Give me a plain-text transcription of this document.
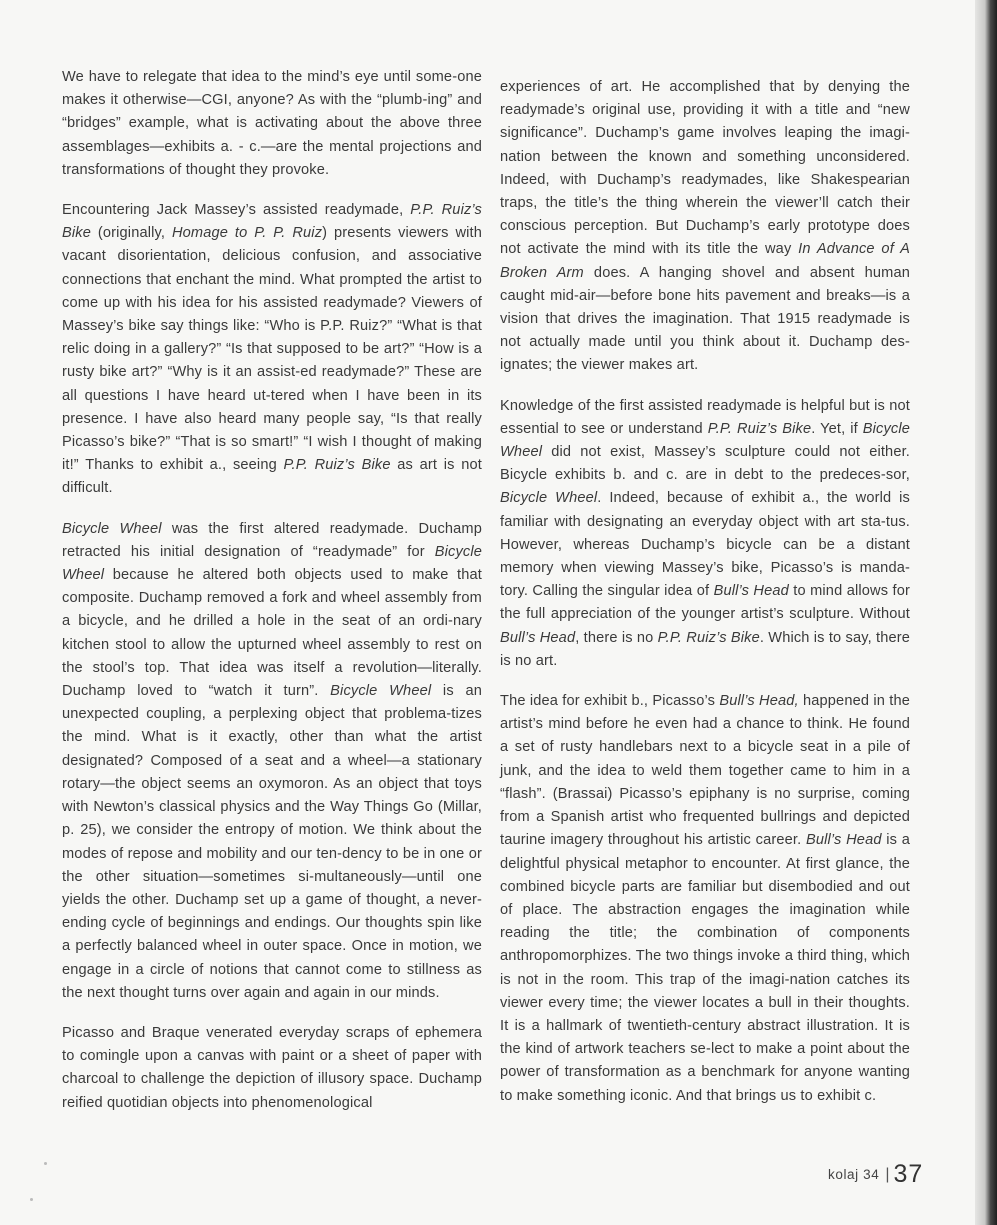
We have to relegate that idea to the mind’s eye until some-one makes it otherwise—CGI, anyone? As with the “plumb-ing” and “bridges” example, what is activating about the above three assemblages—exhibits a. - c.—are the mental projections and transformations of thought they provoke.

Encountering Jack Massey’s assisted readymade, P.P. Ruiz’s Bike (originally, Homage to P. P. Ruiz) presents viewers with vacant disorientation, delicious confusion, and associative connections that enchant the mind. What prompted the artist to come up with his idea for his assisted readymade? Viewers of Massey’s bike say things like: “Who is P.P. Ruiz?” “What is that relic doing in a gallery?” “Is that supposed to be art?” “How is a rusty bike art?” “Why is it an assist-ed readymade?” These are all questions I have heard ut-tered when I have been in its presence. I have also heard many people say, “Is that really Picasso’s bike?” “That is so smart!” “I wish I thought of making it!” Thanks to exhibit a., seeing P.P. Ruiz’s Bike as art is not difficult.

Bicycle Wheel was the first altered readymade. Duchamp retracted his initial designation of “readymade” for Bicycle Wheel because he altered both objects used to make that composite. Duchamp removed a fork and wheel assembly from a bicycle, and he drilled a hole in the seat of an ordi-nary kitchen stool to allow the upturned wheel assembly to rest on the stool’s top. That idea was itself a revolution—literally. Duchamp loved to “watch it turn”. Bicycle Wheel is an unexpected coupling, a perplexing object that problema-tizes the mind. What is it exactly, other than what the artist designated? Composed of a seat and a wheel—a stationary rotary—the object seems an oxymoron. As an object that toys with Newton’s classical physics and the Way Things Go (Millar, p. 25), we consider the entropy of motion. We think about the modes of repose and mobility and our ten-dency to be in one or the other situation—sometimes si-multaneously—until one yields the other. Duchamp set up a game of thought, a never-ending cycle of beginnings and endings. Our thoughts spin like a perfectly balanced wheel in outer space. Once in motion, we engage in a circle of notions that cannot come to stillness as the next thought turns over again and again in our minds.

Picasso and Braque venerated everyday scraps of ephemera to comingle upon a canvas with paint or a sheet of paper with charcoal to challenge the depiction of illusory space. Duchamp reified quotidian objects into phenomenological

experiences of art. He accomplished that by denying the readymade’s original use, providing it with a title and “new significance”. Duchamp’s game involves leaping the imagi-nation between the known and something unconsidered. Indeed, with Duchamp’s readymades, like Shakespearian traps, the title’s the thing wherein the viewer’ll catch their conscious perception. But Duchamp’s early prototype does not activate the mind with its title the way In Advance of A Broken Arm does. A hanging shovel and absent human caught mid-air—before bone hits pavement and breaks—is a vision that drives the imagination. That 1915 readymade is not actually made until you think about it. Duchamp des-ignates; the viewer makes art.

Knowledge of the first assisted readymade is helpful but is not essential to see or understand P.P. Ruiz’s Bike. Yet, if Bicycle Wheel did not exist, Massey’s sculpture could not either. Bicycle exhibits b. and c. are in debt to the predeces-sor, Bicycle Wheel. Indeed, because of exhibit a., the world is familiar with designating an everyday object with art sta-tus. However, whereas Duchamp’s bicycle can be a distant memory when viewing Massey’s bike, Picasso’s is manda-tory. Calling the singular idea of Bull’s Head to mind allows for the full appreciation of the younger artist’s sculpture. Without Bull’s Head, there is no P.P. Ruiz’s Bike. Which is to say, there is no art.

The idea for exhibit b., Picasso’s Bull’s Head, happened in the artist’s mind before he even had a chance to think. He found a set of rusty handlebars next to a bicycle seat in a pile of junk, and the idea to weld them together came to him in a “flash”. (Brassai) Picasso’s epiphany is no surprise, coming from a Spanish artist who frequented bullrings and depicted taurine imagery throughout his artistic career. Bull’s Head is a delightful physical metaphor to encounter. At first glance, the combined bicycle parts are familiar but disembodied and out of place. The abstraction engages the imagination while reading the title; the combination of components anthropomorphizes. The two things invoke a third thing, which is not in the room. This trap of the imagi-nation catches its viewer every time; the viewer locates a bull in their thoughts. It is a hallmark of twentieth-century abstract illustration. It is the kind of artwork teachers se-lect to make a point about the power of transformation as a benchmark for anyone wanting to make something iconic. And that brings us to exhibit c.

kolaj 34 | 37
